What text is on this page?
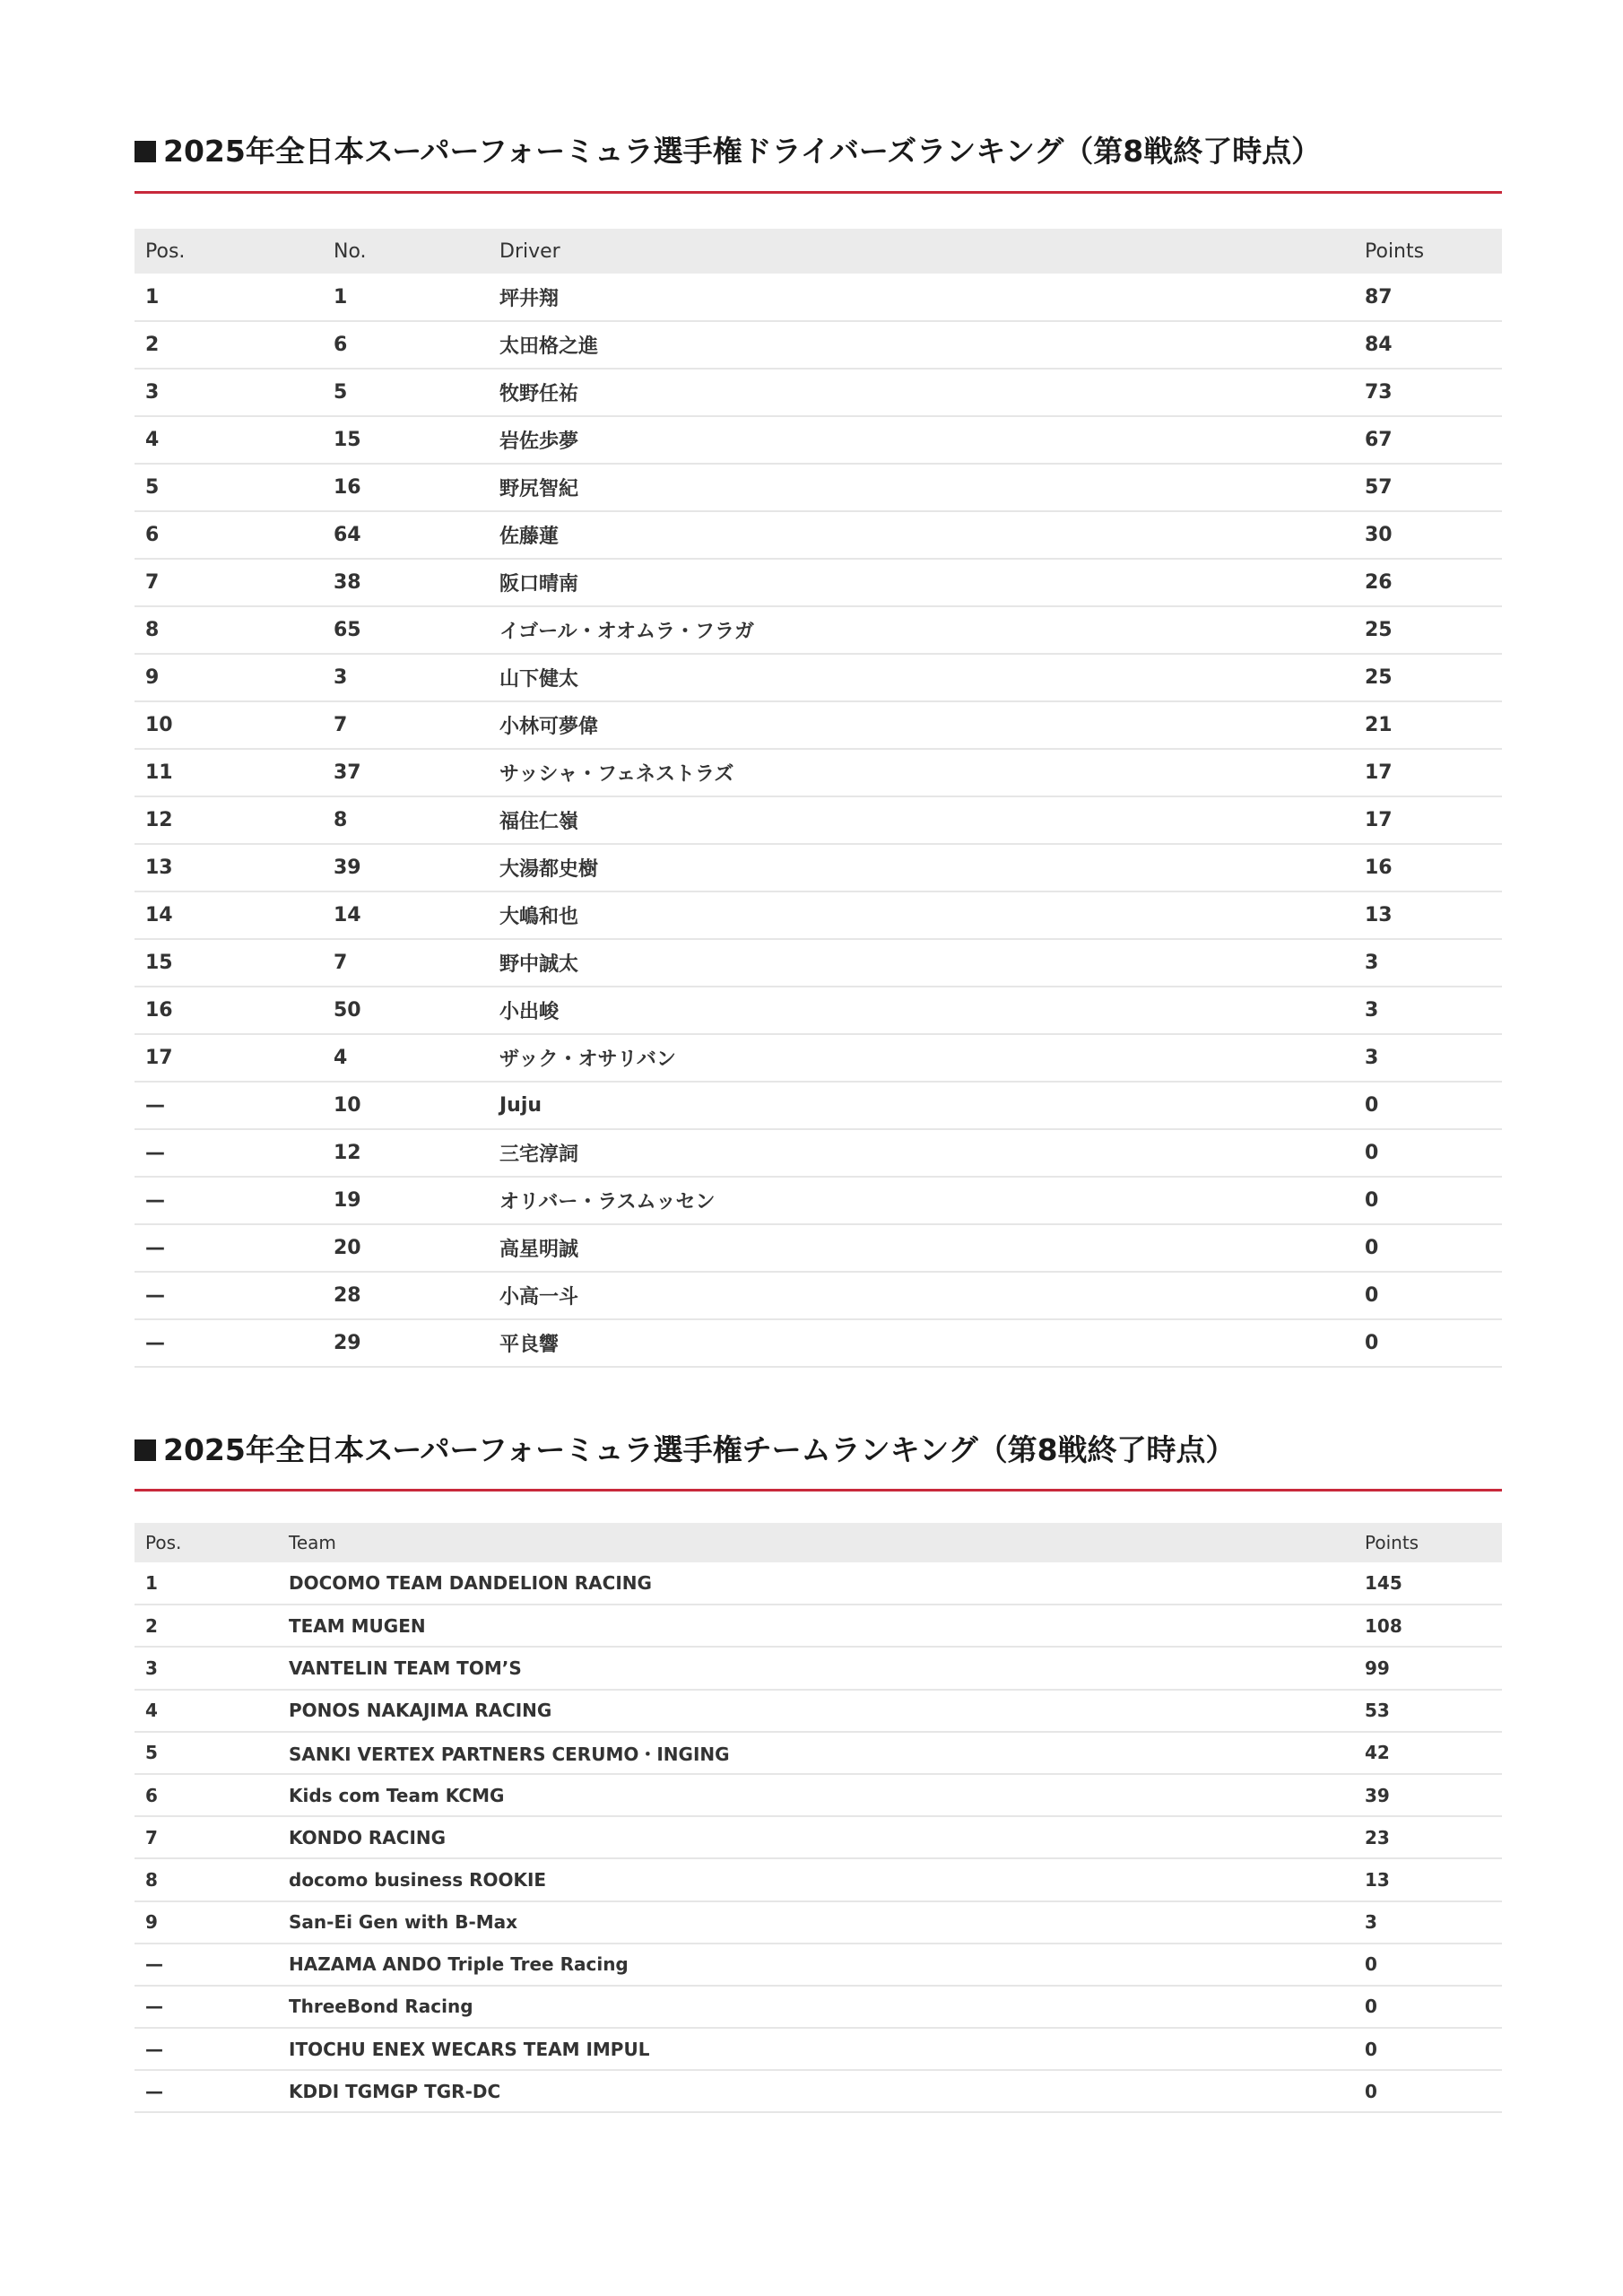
2025年全日本スーパーフォーミュラ選手権ドライバーズランキング（第8戦終了時点）
Pos.	No.	Driver	Points
1	1	坪井翔	87
2	6	太田格之進	84
3	5	牧野任祐	73
4	15	岩佐歩夢	67
5	16	野尻智紀	57
6	64	佐藤蓮	30
7	38	阪口晴南	26
8	65	イゴール・オオムラ・フラガ	25
9	3	山下健太	25
10	7	小林可夢偉	21
11	37	サッシャ・フェネストラズ	17
12	8	福住仁嶺	17
13	39	大湯都史樹	16
14	14	大嶋和也	13
15	7	野中誠太	3
16	50	小出峻	3
17	4	ザック・オサリバン	3
—	10	Juju	0
—	12	三宅淳詞	0
—	19	オリバー・ラスムッセン	0
—	20	高星明誠	0
—	28	小高一斗	0
—	29	平良響	0
2025年全日本スーパーフォーミュラ選手権チームランキング（第8戦終了時点）
Pos.	Team	Points
1	DOCOMO TEAM DANDELION RACING	145
2	TEAM MUGEN	108
3	VANTELIN TEAM TOM’S	99
4	PONOS NAKAJIMA RACING	53
5	SANKI VERTEX PARTNERS CERUMO・INGING	42
6	Kids com Team KCMG	39
7	KONDO RACING	23
8	docomo business ROOKIE	13
9	San-Ei Gen with B-Max	3
—	HAZAMA ANDO Triple Tree Racing	0
—	ThreeBond Racing	0
—	ITOCHU ENEX WECARS TEAM IMPUL	0
—	KDDI TGMGP TGR-DC	0
